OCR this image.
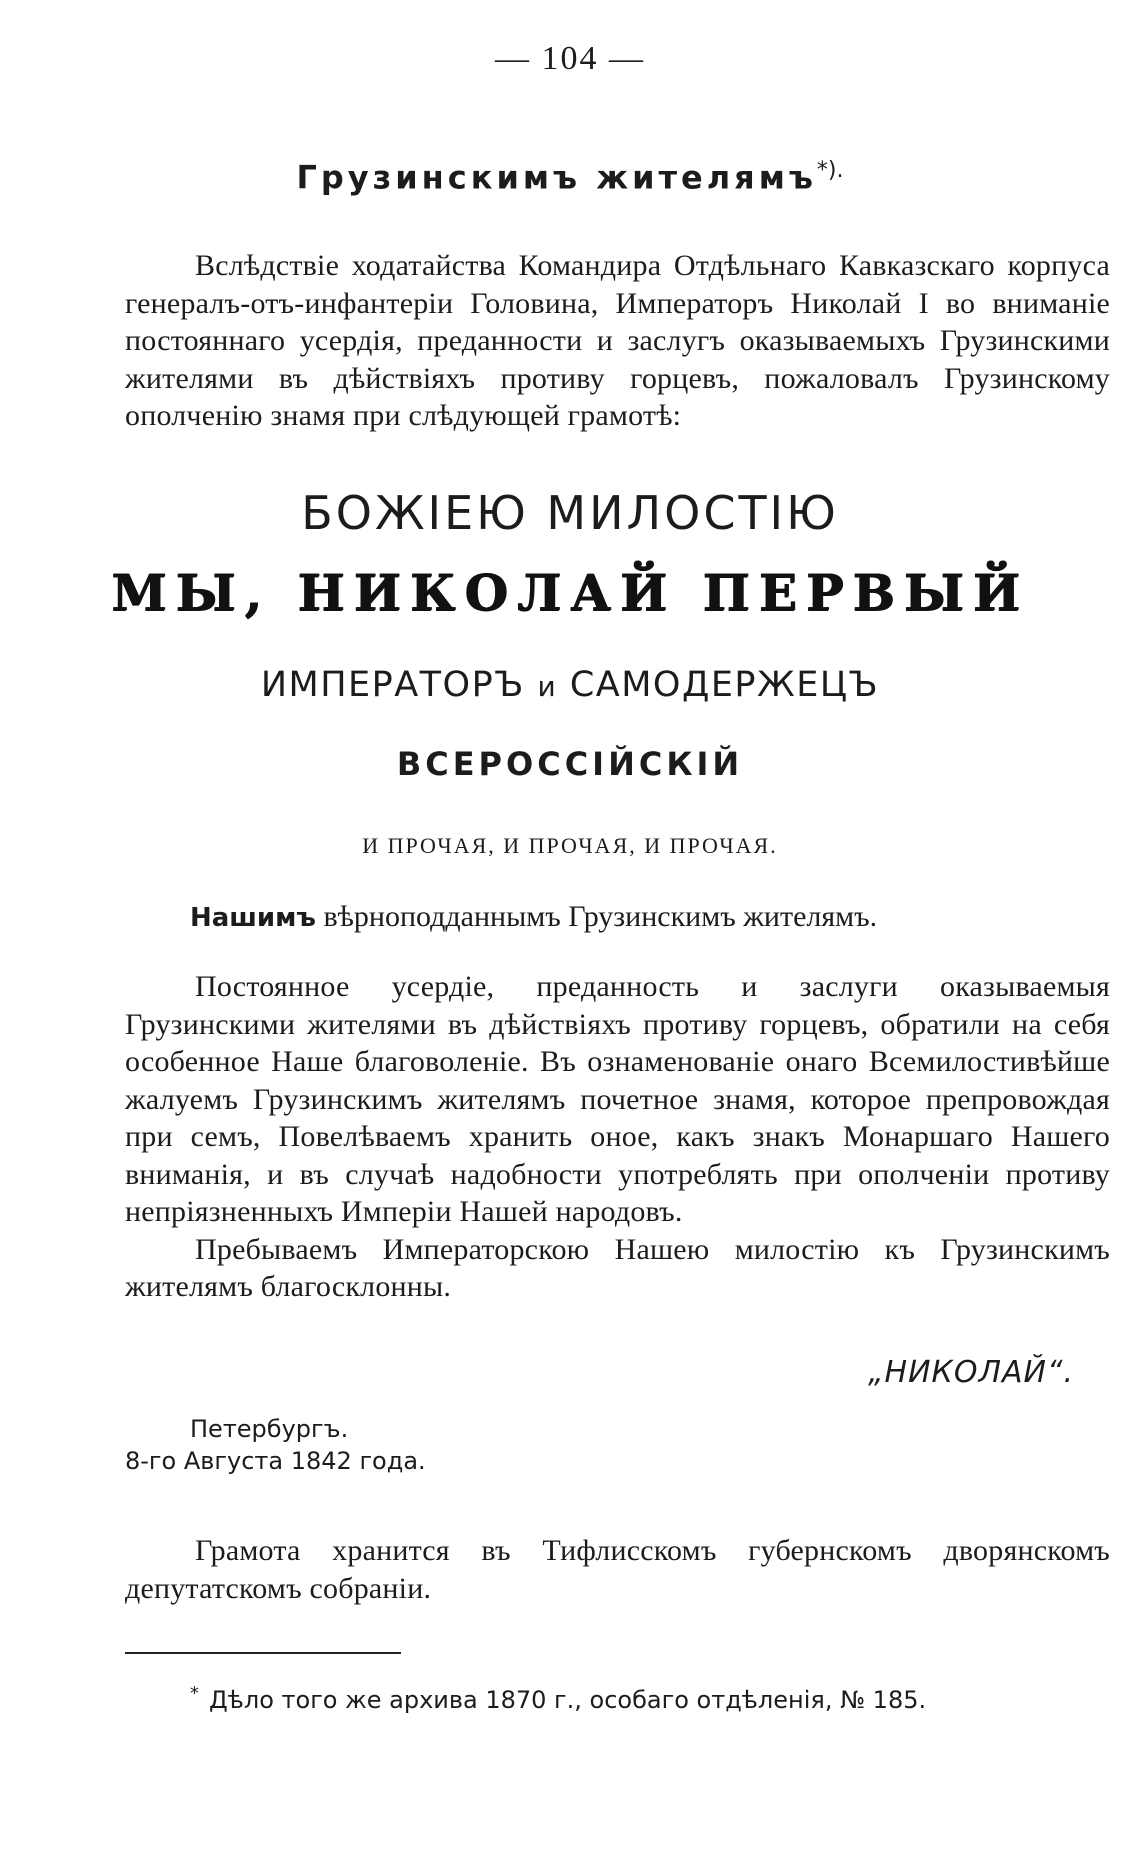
— 104 —
Грузинскимъ жителямъ*).

Вслѣдствіе ходатайства Командира Отдѣльнаго Кавказскаго корпуса генералъ-отъ-инфантеріи Головина, Императоръ Николай I во вниманіе постояннаго усердія, преданности и заслугъ оказываемыхъ Грузинскими жителями въ дѣйствіяхъ противу горцевъ, пожаловалъ Грузинскому ополченію знамя при слѣдующей грамотѣ:

БОЖІЕЮ МИЛОСТІЮ
МЫ, НИКОЛАЙ ПЕРВЫЙ
ИМПЕРАТОРЪ и САМОДЕРЖЕЦЪ
ВСЕРОССІЙСКІЙ
И ПРОЧАЯ, И ПРОЧАЯ, И ПРОЧАЯ.
Нашимъ вѣрноподданнымъ Грузинскимъ жителямъ.

Постоянное усердіе, преданность и заслуги оказываемыя Грузинскими жителями въ дѣйствіяхъ противу горцевъ, обратили на себя особенное Наше благоволеніе. Въ ознаменованіе онаго Всемилостивѣйше жалуемъ Грузинскимъ жителямъ почетное знамя, которое препровождая при семъ, Повелѣваемъ хранить оное, какъ знакъ Монаршаго Нашего вниманія, и въ случаѣ надобности употреблять при ополченіи противу непріязненныхъ Имперіи Нашей народовъ.

Пребываемъ Императорскою Нашею милостію къ Грузинскимъ жителямъ благосклонны.

„НИКОЛАЙ“.
Петербургъ.
8-го Августа 1842 года.

Грамота хранится въ Тифлисскомъ губернскомъ дворянскомъ депутатскомъ собраніи.

* Дѣло того же архива 1870 г., особаго отдѣленія, № 185.
